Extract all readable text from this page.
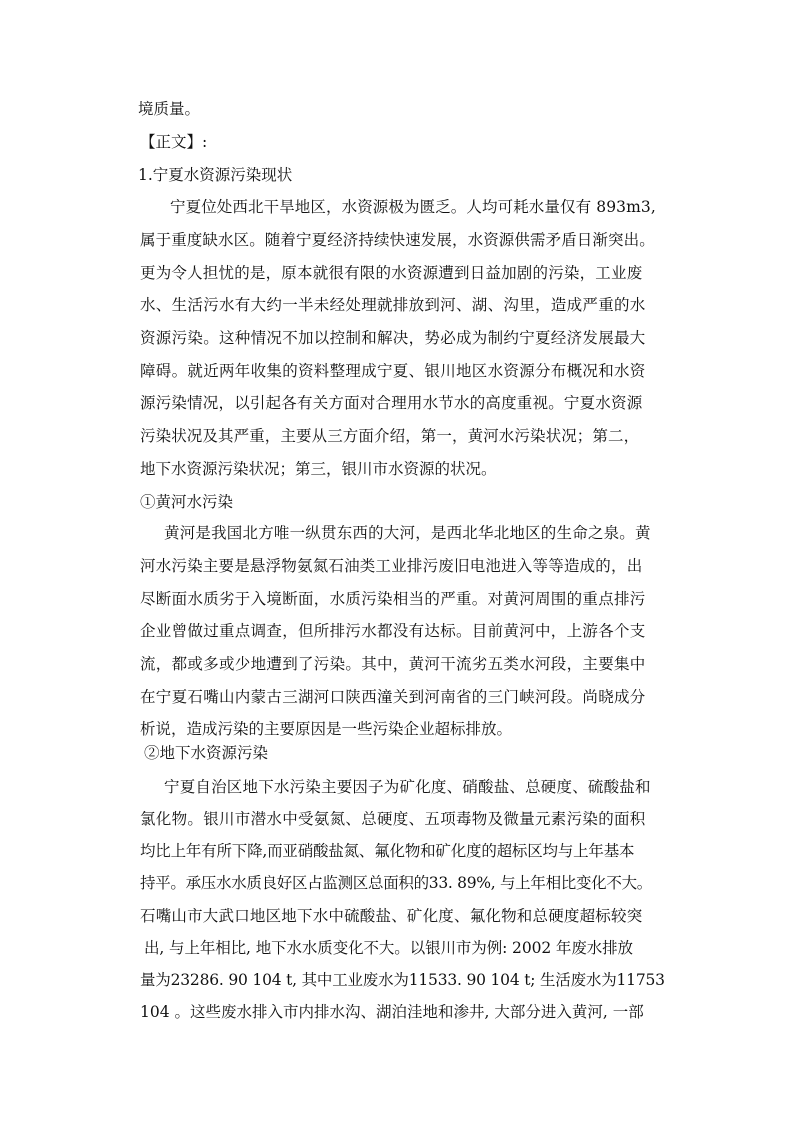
境质量。
【正文】:
1.宁夏水资源污染现状
宁夏位处西北干旱地区，水资源极为匮乏。人均可耗水量仅有 893m3,
属于重度缺水区。随着宁夏经济持续快速发展，水资源供需矛盾日渐突出。
更为令人担忧的是，原本就很有限的水资源遭到日益加剧的污染，工业废
水、生活污水有大约一半未经处理就排放到河、湖、沟里，造成严重的水
资源污染。这种情况不加以控制和解决，势必成为制约宁夏经济发展最大
障碍。就近两年收集的资料整理成宁夏、银川地区水资源分布概况和水资
源污染情况，以引起各有关方面对合理用水节水的高度重视。宁夏水资源
污染状况及其严重，主要从三方面介绍，第一，黄河水污染状况；第二，
地下水资源污染状况；第三，银川市水资源的状况。
①黄河水污染
黄河是我国北方唯一纵贯东西的大河，是西北华北地区的生命之泉。黄
河水污染主要是悬浮物氨氮石油类工业排污废旧电池进入等等造成的，出
尽断面水质劣于入境断面，水质污染相当的严重。对黄河周围的重点排污
企业曾做过重点调查，但所排污水都没有达标。目前黄河中，上游各个支
流，都或多或少地遭到了污染。其中，黄河干流劣五类水河段，主要集中
在宁夏石嘴山内蒙古三湖河口陕西潼关到河南省的三门峡河段。尚晓成分
析说，造成污染的主要原因是一些污染企业超标排放。
②地下水资源污染
宁夏自治区地下水污染主要因子为矿化度、硝酸盐、总硬度、硫酸盐和
氯化物。银川市潜水中受氨氮、总硬度、五项毒物及微量元素污染的面积
均比上年有所下降,而亚硝酸盐氮、氟化物和矿化度的超标区均与上年基本
持平。承压水水质良好区占监测区总面积的33. 89%, 与上年相比变化不大。
石嘴山市大武口地区地下水中硫酸盐、矿化度、氟化物和总硬度超标较突
出, 与上年相比, 地下水水质变化不大。以银川市为例: 2002 年废水排放
量为23286. 90 104 t, 其中工业废水为11533. 90 104 t; 生活废水为11753
104 。这些废水排入市内排水沟、湖泊洼地和渗井, 大部分进入黄河, 一部
